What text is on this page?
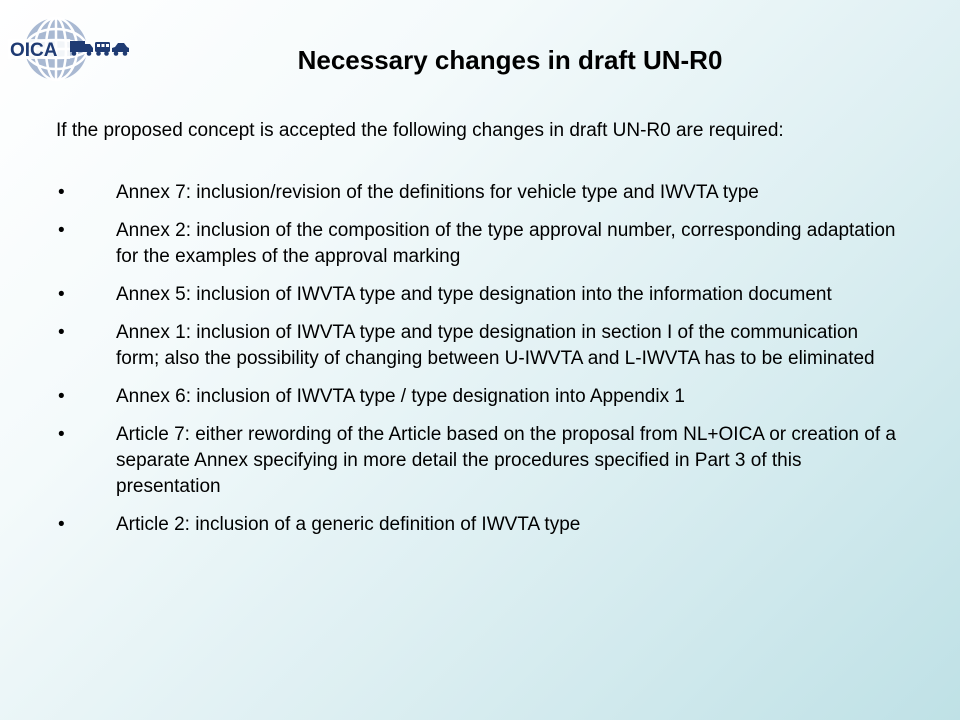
OICA	Necessary changes in draft UN-R0

If the proposed concept is accepted the following changes in draft UN-R0 are required:

•	Annex 7: inclusion/revision of the definitions for vehicle type and IWVTA type
•	Annex 2: inclusion of the composition of the type approval number, corresponding adaptation for the examples of the approval marking
•	Annex 5: inclusion of IWVTA type and type designation into the information document
•	Annex 1: inclusion of IWVTA type and type designation in section I of the communication form; also the possibility of changing between U-IWVTA and L-IWVTA has to be eliminated
•	Annex 6: inclusion of IWVTA type / type designation into Appendix 1
•	Article 7: either rewording of the Article based on the proposal from NL+OICA or creation of a separate Annex specifying in more detail the procedures specified in Part 3 of this presentation
•	Article 2: inclusion of a generic definition of IWVTA type
